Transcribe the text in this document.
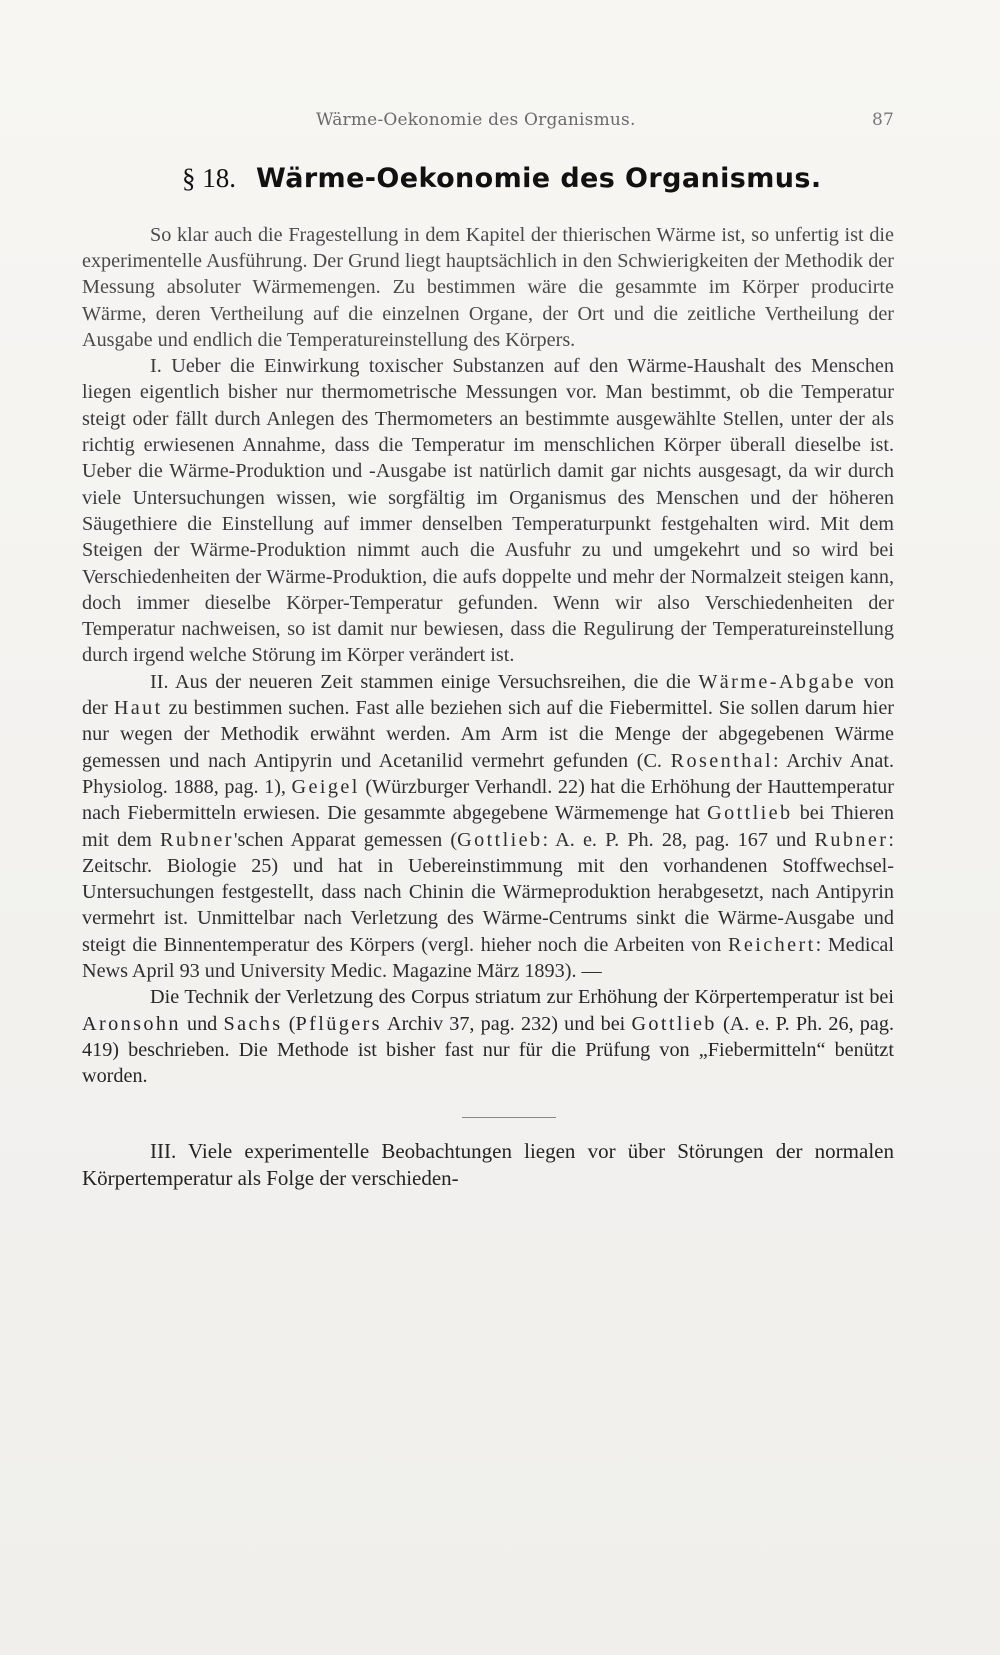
Wärme-Oekonomie des Organismus.	87
§ 18. Wärme-Oekonomie des Organismus.

So klar auch die Fragestellung in dem Kapitel der thierischen Wärme ist, so unfertig ist die experimentelle Ausführung. Der Grund liegt hauptsächlich in den Schwierigkeiten der Methodik der Messung absoluter Wärmemengen. Zu bestimmen wäre die gesammte im Körper producirte Wärme, deren Vertheilung auf die einzelnen Organe, der Ort und die zeitliche Vertheilung der Ausgabe und endlich die Temperatureinstellung des Körpers.

I. Ueber die Einwirkung toxischer Substanzen auf den Wärme-Haushalt des Menschen liegen eigentlich bisher nur thermometrische Messungen vor. Man bestimmt, ob die Temperatur steigt oder fällt durch Anlegen des Thermometers an bestimmte ausgewählte Stellen, unter der als richtig erwiesenen Annahme, dass die Temperatur im menschlichen Körper überall dieselbe ist. Ueber die Wärme-Produktion und -Ausgabe ist natürlich damit gar nichts ausgesagt, da wir durch viele Untersuchungen wissen, wie sorgfältig im Organismus des Menschen und der höheren Säugethiere die Einstellung auf immer denselben Temperaturpunkt festgehalten wird. Mit dem Steigen der Wärme-Produktion nimmt auch die Ausfuhr zu und umgekehrt und so wird bei Verschiedenheiten der Wärme-Produktion, die aufs doppelte und mehr der Normalzeit steigen kann, doch immer dieselbe Körper-Temperatur gefunden. Wenn wir also Verschiedenheiten der Temperatur nachweisen, so ist damit nur bewiesen, dass die Regulirung der Temperatureinstellung durch irgend welche Störung im Körper verändert ist.

II. Aus der neueren Zeit stammen einige Versuchsreihen, die die Wärme-Abgabe von der Haut zu bestimmen suchen. Fast alle beziehen sich auf die Fiebermittel. Sie sollen darum hier nur wegen der Methodik erwähnt werden. Am Arm ist die Menge der abgegebenen Wärme gemessen und nach Antipyrin und Acetanilid vermehrt gefunden (C. Rosenthal: Archiv Anat. Physiolog. 1888, pag. 1), Geigel (Würzburger Verhandl. 22) hat die Erhöhung der Hauttemperatur nach Fiebermitteln erwiesen. Die gesammte abgegebene Wärmemenge hat Gottlieb bei Thieren mit dem Rubner'schen Apparat gemessen (Gottlieb: A. e. P. Ph. 28, pag. 167 und Rubner: Zeitschr. Biologie 25) und hat in Uebereinstimmung mit den vorhandenen Stoffwechsel-Untersuchungen festgestellt, dass nach Chinin die Wärmeproduktion herabgesetzt, nach Antipyrin vermehrt ist. Unmittelbar nach Verletzung des Wärme-Centrums sinkt die Wärme-Ausgabe und steigt die Binnentemperatur des Körpers (vergl. hieher noch die Arbeiten von Reichert: Medical News April 93 und University Medic. Magazine März 1893). —

Die Technik der Verletzung des Corpus striatum zur Erhöhung der Körpertemperatur ist bei Aronsohn und Sachs (Pflügers Archiv 37, pag. 232) und bei Gottlieb (A. e. P. Ph. 26, pag. 419) beschrieben. Die Methode ist bisher fast nur für die Prüfung von „Fiebermitteln“ benützt worden.

III. Viele experimentelle Beobachtungen liegen vor über Störungen der normalen Körpertemperatur als Folge der verschieden-
